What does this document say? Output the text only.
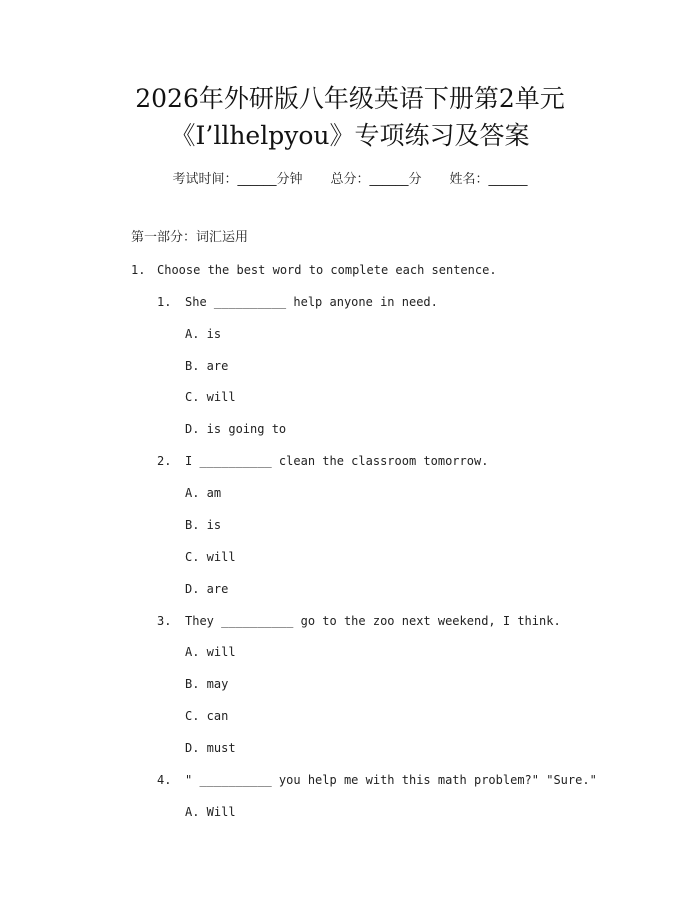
2026年外研版八年级英语下册第2单元
《I’llhelpyou》专项练习及答案
考试时间：______分钟 总分：______分 姓名：______
第一部分：词汇运用
1. Choose the best word to complete each sentence.
1. She __________ help anyone in need.
A. is
B. are
C. will
D. is going to
2. I __________ clean the classroom tomorrow.
A. am
B. is
C. will
D. are
3. They __________ go to the zoo next weekend, I think.
A. will
B. may
C. can
D. must
4. " __________ you help me with this math problem?" "Sure."
A. Will
